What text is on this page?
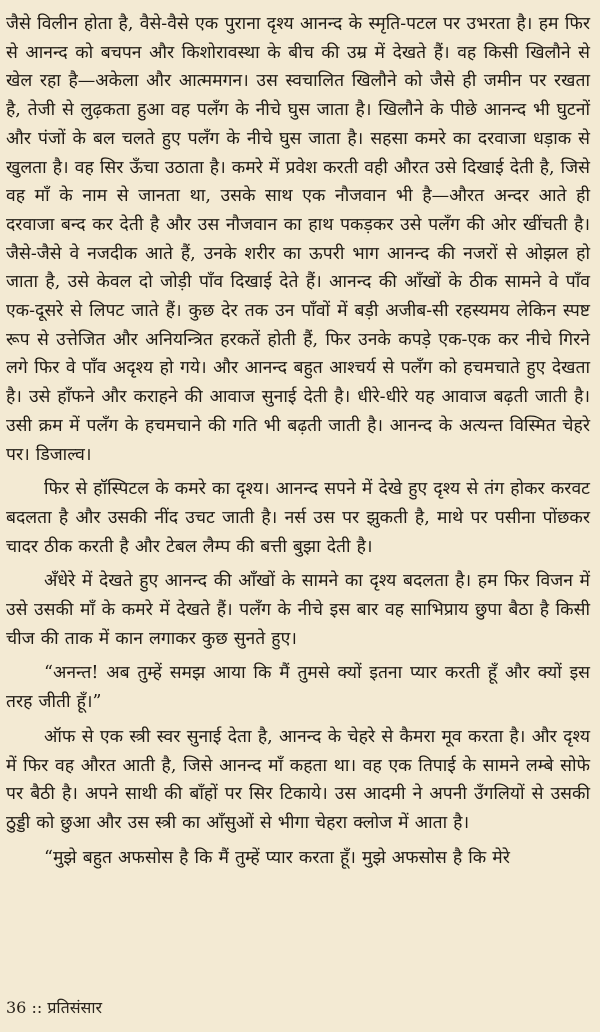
जैसे विलीन होता है, वैसे-वैसे एक पुराना दृश्य आनन्द के स्मृति-पटल पर उभरता है। हम फिर से आनन्द को बचपन और किशोरावस्था के बीच की उम्र में देखते हैं। वह किसी खिलौने से खेल रहा है—अकेला और आत्ममगन। उस स्वचालित खिलौने को जैसे ही जमीन पर रखता है, तेजी से लुढ़कता हुआ वह पलँग के नीचे घुस जाता है। खिलौने के पीछे आनन्द भी घुटनों और पंजों के बल चलते हुए पलँग के नीचे घुस जाता है। सहसा कमरे का दरवाजा धड़ाक से खुलता है। वह सिर ऊँचा उठाता है। कमरे में प्रवेश करती वही औरत उसे दिखाई देती है, जिसे वह माँ के नाम से जानता था, उसके साथ एक नौजवान भी है—औरत अन्दर आते ही दरवाजा बन्द कर देती है और उस नौजवान का हाथ पकड़कर उसे पलँग की ओर खींचती है। जैसे-जैसे वे नजदीक आते हैं, उनके शरीर का ऊपरी भाग आनन्द की नजरों से ओझल हो जाता है, उसे केवल दो जोड़ी पाँव दिखाई देते हैं। आनन्द की आँखों के ठीक सामने वे पाँव एक-दूसरे से लिपट जाते हैं। कुछ देर तक उन पाँवों में बड़ी अजीब-सी रहस्यमय लेकिन स्पष्ट रूप से उत्तेजित और अनियन्त्रित हरकतें होती हैं, फिर उनके कपड़े एक-एक कर नीचे गिरने लगे फिर वे पाँव अदृश्य हो गये। और आनन्द बहुत आश्चर्य से पलँग को हचमचाते हुए देखता है। उसे हाँफने और कराहने की आवाज सुनाई देती है। धीरे-धीरे यह आवाज बढ़ती जाती है। उसी क्रम में पलँग के हचमचाने की गति भी बढ़ती जाती है। आनन्द के अत्यन्त विस्मित चेहरे पर। डिजाल्व।

फिर से हॉस्पिटल के कमरे का दृश्य। आनन्द सपने में देखे हुए दृश्य से तंग होकर करवट बदलता है और उसकी नींद उचट जाती है। नर्स उस पर झुकती है, माथे पर पसीना पोंछकर चादर ठीक करती है और टेबल लैम्प की बत्ती बुझा देती है।

अँधेरे में देखते हुए आनन्द की आँखों के सामने का दृश्य बदलता है। हम फिर विजन में उसे उसकी माँ के कमरे में देखते हैं। पलँग के नीचे इस बार वह साभिप्राय छुपा बैठा है किसी चीज की ताक में कान लगाकर कुछ सुनते हुए।

“अनन्त! अब तुम्हें समझ आया कि मैं तुमसे क्यों इतना प्यार करती हूँ और क्यों इस तरह जीती हूँ।”

ऑफ से एक स्त्री स्वर सुनाई देता है, आनन्द के चेहरे से कैमरा मूव करता है। और दृश्य में फिर वह औरत आती है, जिसे आनन्द माँ कहता था। वह एक तिपाई के सामने लम्बे सोफे पर बैठी है। अपने साथी की बाँहों पर सिर टिकाये। उस आदमी ने अपनी उँगलियों से उसकी ठुड्डी को छुआ और उस स्त्री का आँसुओं से भीगा चेहरा क्लोज में आता है।

“मुझे बहुत अफसोस है कि मैं तुम्हें प्यार करता हूँ। मुझे अफसोस है कि मेरे

36 :: प्रतिसंसार
